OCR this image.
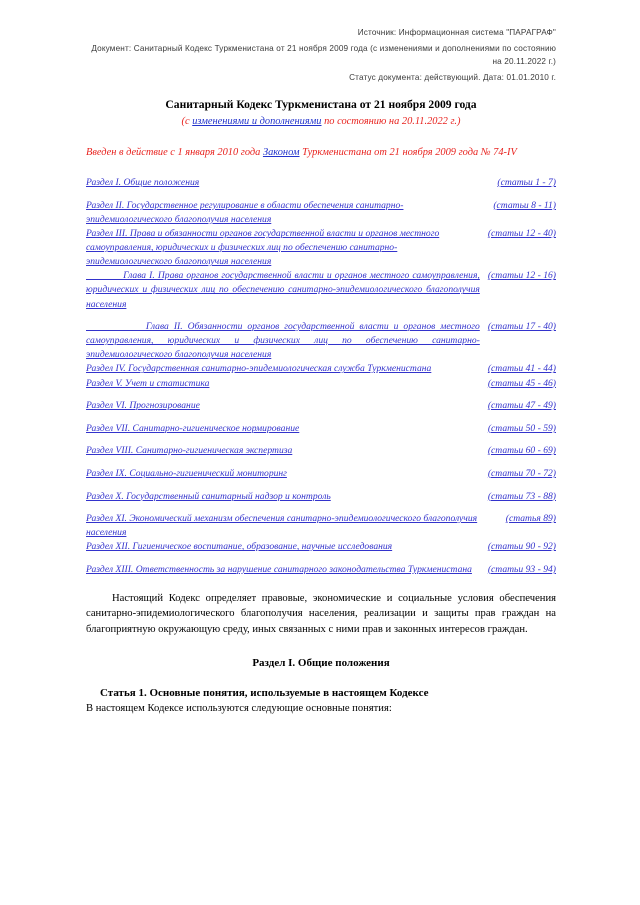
Источник: Информационная система "ПАРАГРАФ"
Документ: Санитарный Кодекс Туркменистана от 21 ноября 2009 года (с изменениями и дополнениями по состоянию на 20.11.2022 г.)
Статус документа: действующий. Дата: 01.01.2010 г.
Санитарный Кодекс Туркменистана от 21 ноября 2009 года
(с изменениями и дополнениями по состоянию на 20.11.2022 г.)
Введен в действие с 1 января 2010 года Законом Туркменистана от 21 ноября 2009 года № 74-IV
Раздел I. Общие положения	(статьи 1 - 7)
Раздел II. Государственное регулирование в области обеспечения санитарно-эпидемиологического благополучия населения	(статьи 8 - 11)
Раздел III. Права и обязанности органов государственной власти и органов местного самоуправления, юридических и физических лиц по обеспечению санитарно-эпидемиологического благополучия населения	(статьи 12 - 40)
Глава I. Права органов государственной власти и органов местного самоуправления, юридических и физических лиц по обеспечению санитарно-эпидемиологического благополучия населения	(статьи 12 - 16)
Глава II. Обязанности органов государственной власти и органов местного самоуправления, юридических и физических лиц по обеспечению санитарно-эпидемиологического благополучия населения	(статьи 17 - 40)
Раздел IV. Государственная санитарно-эпидемиологическая служба Туркменистана	(статьи 41 - 44)
Раздел V. Учет и статистика	(статьи 45 - 46)
Раздел VI. Прогнозирование	(статьи 47 - 49)
Раздел VII. Санитарно-гигиеническое нормирование	(статьи 50 - 59)
Раздел VIII. Санитарно-гигиеническая экспертиза	(статьи 60 - 69)
Раздел IX. Социально-гигиенический мониторинг	(статьи 70 - 72)
Раздел X. Государственный санитарный надзор и контроль	(статьи 73 - 88)
Раздел XI. Экономический механизм обеспечения санитарно-эпидемиологического благополучия населения	(статья 89)
Раздел XII. Гигиеническое воспитание, образование, научные исследования	(статьи 90 - 92)
Раздел XIII. Ответственность за нарушение санитарного законодательства Туркменистана	(статьи 93 - 94)

Настоящий Кодекс определяет правовые, экономические и социальные условия обеспечения санитарно-эпидемиологического благополучия населения, реализации и защиты прав граждан на благоприятную окружающую среду, иных связанных с ними прав и законных интересов граждан.

Раздел I. Общие положения

Статья 1. Основные понятия, используемые в настоящем Кодексе

В настоящем Кодексе используются следующие основные понятия:
